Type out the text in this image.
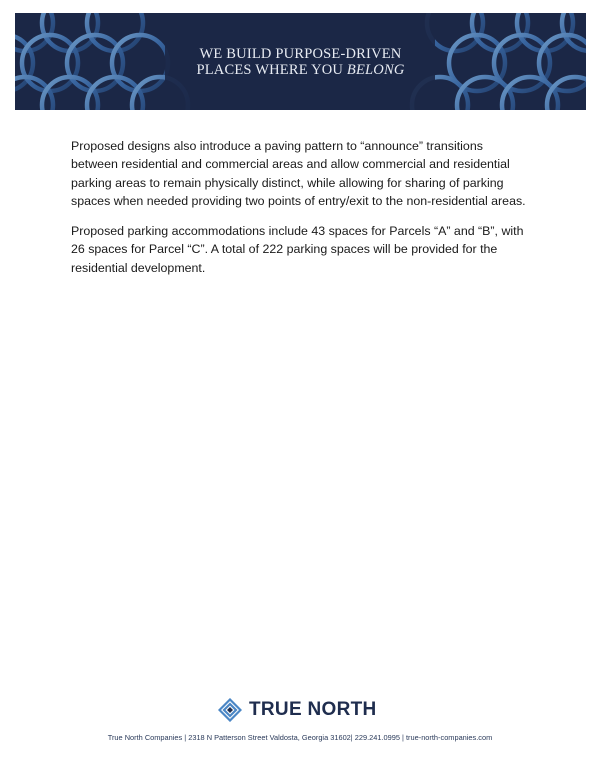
WE BUILD PURPOSE-DRIVEN
PLACES WHERE YOU BELONG

Proposed designs also introduce a paving pattern to “announce” transitions between residential and commercial areas and allow commercial and residential parking areas to remain physically distinct, while allowing for sharing of parking spaces when needed providing two points of entry/exit to the non-residential areas.

Proposed parking accommodations include 43 spaces for Parcels “A” and “B”, with 26 spaces for Parcel “C”. A total of 222 parking spaces will be provided for the residential development.

TRUE NORTH
True North Companies | 2318 N Patterson Street Valdosta, Georgia 31602| 229.241.0995 | true-north-companies.com
